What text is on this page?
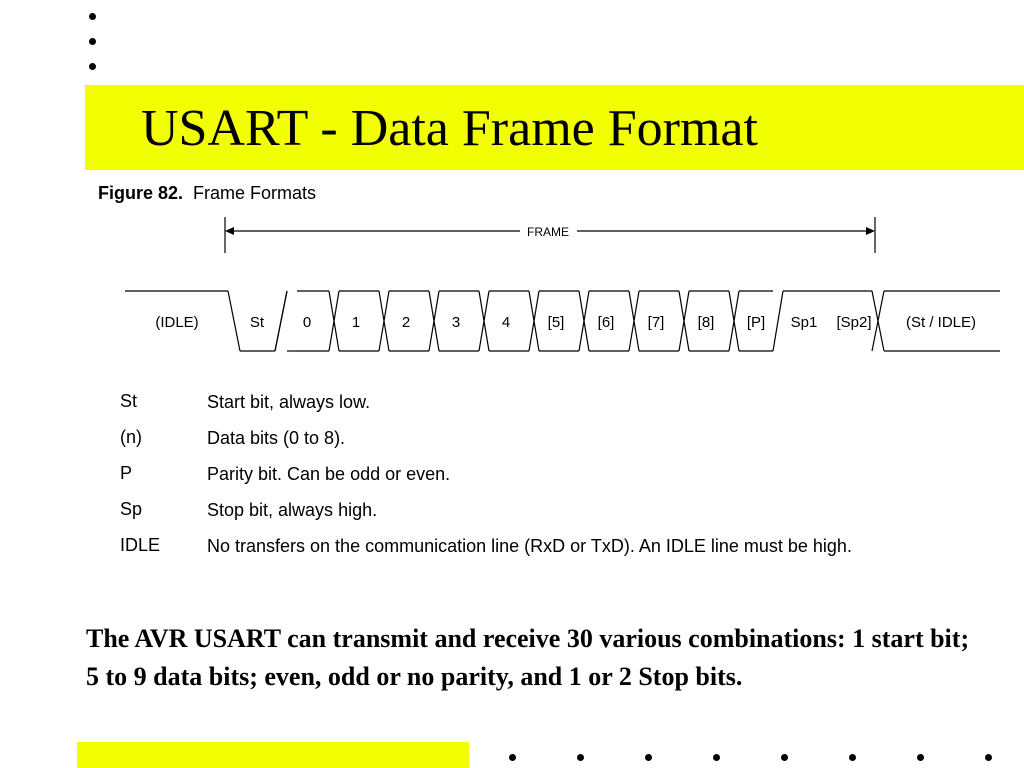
USART - Data Frame Format
Figure 82. Frame Formats
FRAME
(IDLE)	St	0	1	2	3	4 [5] [6] [7] [8] [P] Sp1 [Sp2] (St / IDLE)
St	Start bit, always low.
(n)	Data bits (0 to 8).
P	Parity bit. Can be odd or even.
Sp	Stop bit, always high.
IDLE	No transfers on the communication line (RxD or TxD). An IDLE line must be high.

The AVR USART can transmit and receive 30 various combinations: 1 start bit; 5 to 9 data bits; even, odd or no parity, and 1 or 2 Stop bits.
